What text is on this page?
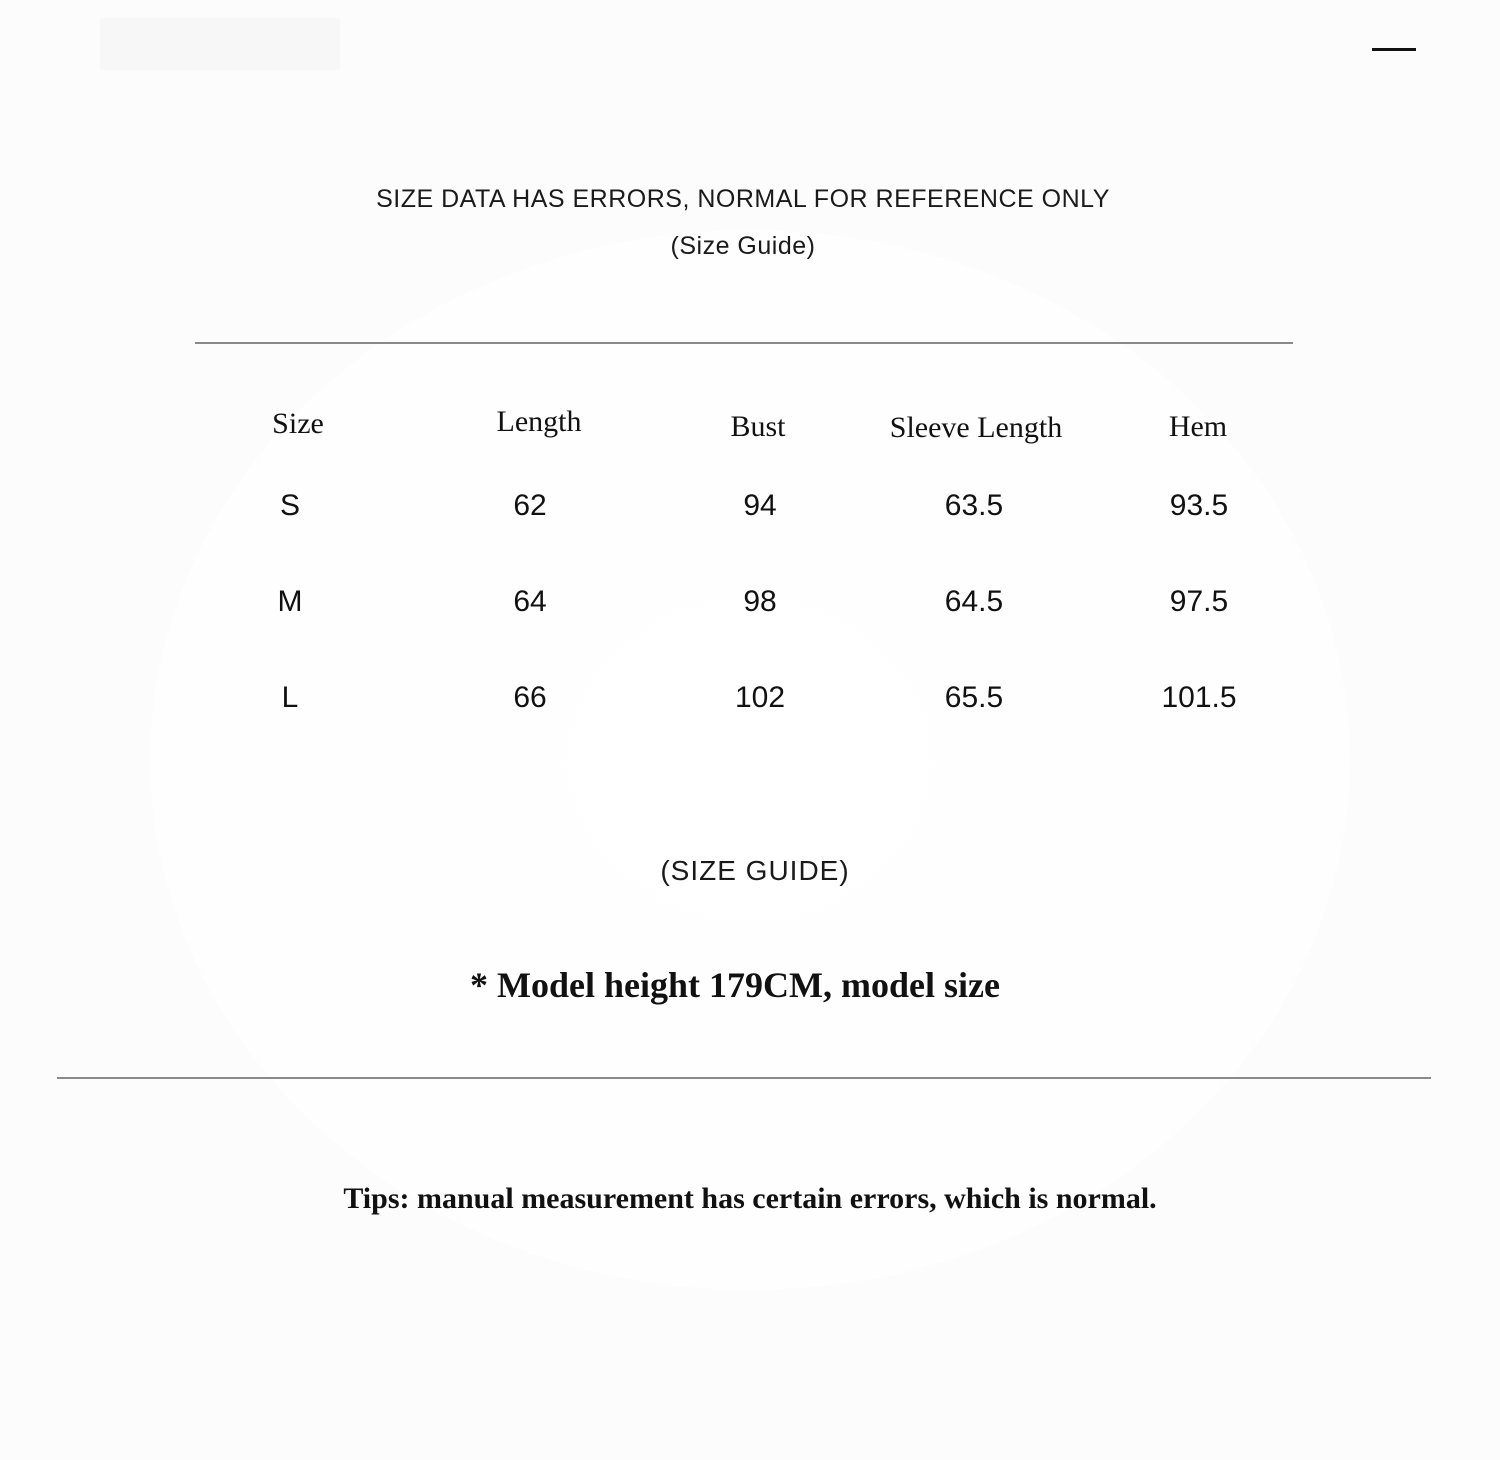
SIZE DATA HAS ERRORS, NORMAL FOR REFERENCE ONLY
(Size Guide)
Size	Length	Bust	Sleeve Length	Hem
S	62	94	63.5	93.5
M	64	98	64.5	97.5
L	66	102	65.5	101.5
(SIZE GUIDE)
* Model height 179CM, model size
Tips: manual measurement has certain errors, which is normal.
